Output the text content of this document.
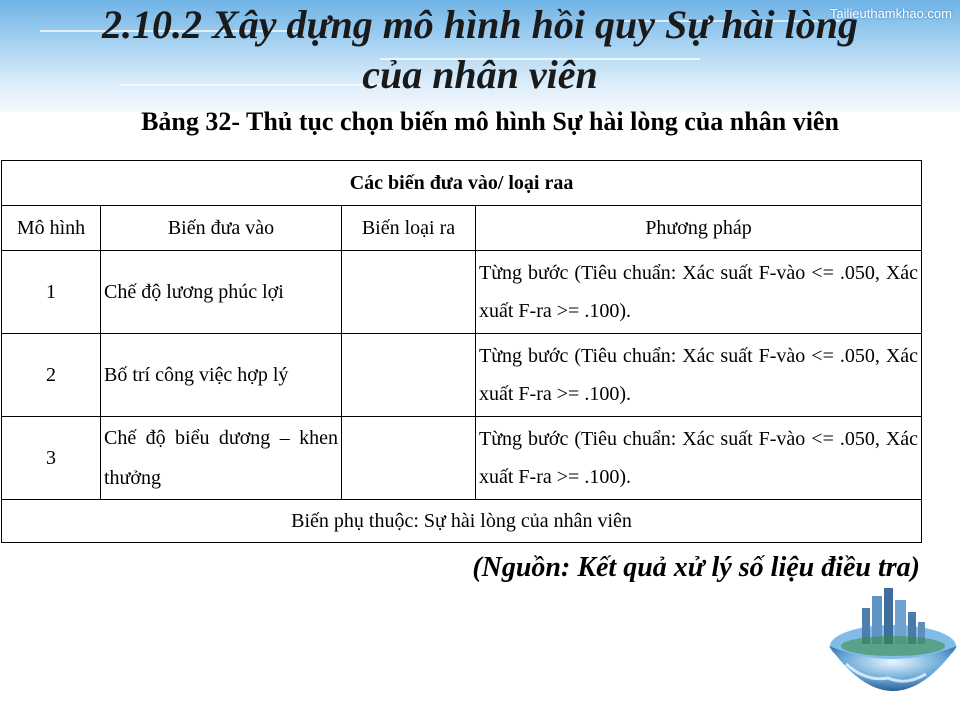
Tailieuthamkhao.com
2.10.2 Xây dựng mô hình hồi quy Sự hài lòng
của nhân viên
Bảng 32- Thủ tục chọn biến mô hình Sự hài lòng của nhân viên
Các biến đưa vào/ loại raa			
Mô hình	Biến đưa vào	Biến loại ra	Phương pháp
1	Chế độ lương phúc lợi		Từng bước (Tiêu chuẩn: Xác suất F-vào <= .050, Xác xuất F-ra >= .100).
2	Bố trí công việc hợp lý		Từng bước (Tiêu chuẩn: Xác suất F-vào <= .050, Xác xuất F-ra >= .100).
3	Chế độ biểu dương – khen thưởng		Từng bước (Tiêu chuẩn: Xác suất F-vào <= .050, Xác xuất F-ra >= .100).
Biến phụ thuộc: Sự hài lòng của nhân viên			
(Nguồn: Kết quả xử lý số liệu điều tra)
